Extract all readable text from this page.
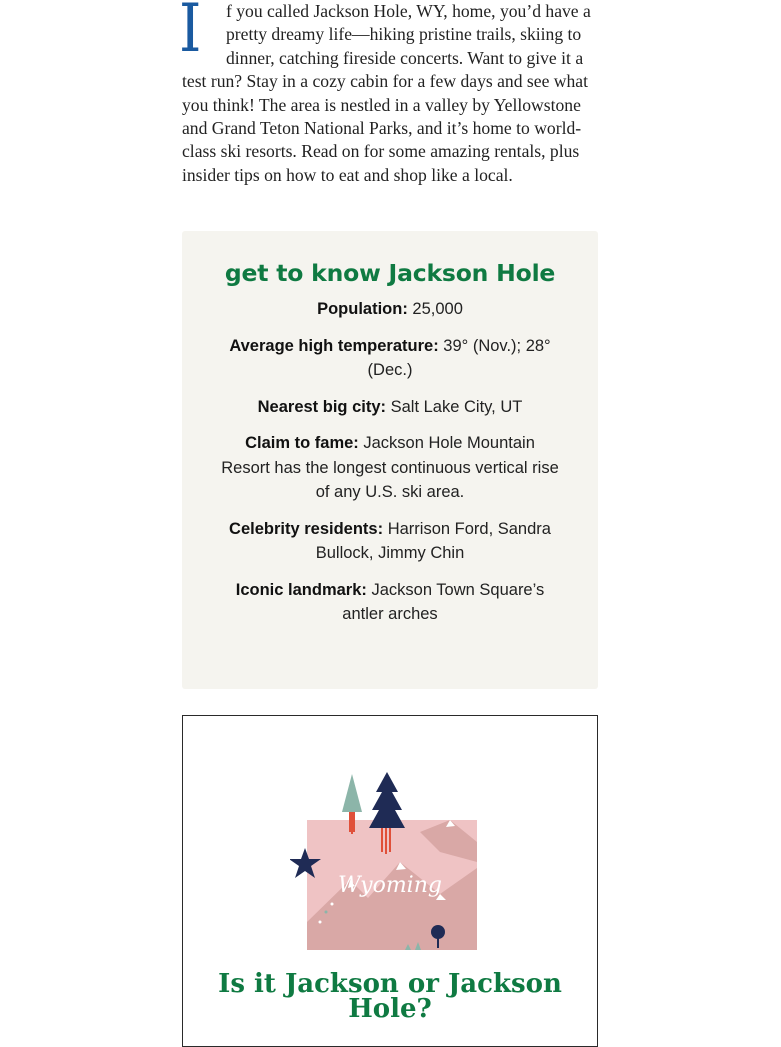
I	f you called Jackson Hole, WY, home, you’d have a pretty dreamy life—hiking pristine trails, skiing to dinner, catching fireside concerts. Want to give it a test run? Stay in a cozy cabin for a few days and see what you think! The area is nestled in a valley by Yellowstone and Grand Teton National Parks, and it’s home to world-class ski resorts. Read on for some amazing rentals, plus insider tips on how to eat and shop like a local.

get to know Jackson Hole

Population: 25,000

Average high temperature: 39° (Nov.); 28° (Dec.)

Nearest big city: Salt Lake City, UT

Claim to fame: Jackson Hole Mountain Resort has the longest continuous vertical rise of any U.S. ski area.

Celebrity residents: Harrison Ford, Sandra Bullock, Jimmy Chin

Iconic landmark: Jackson Town Square’s antler arches

Wyoming
Is it Jackson or Jackson Hole?
